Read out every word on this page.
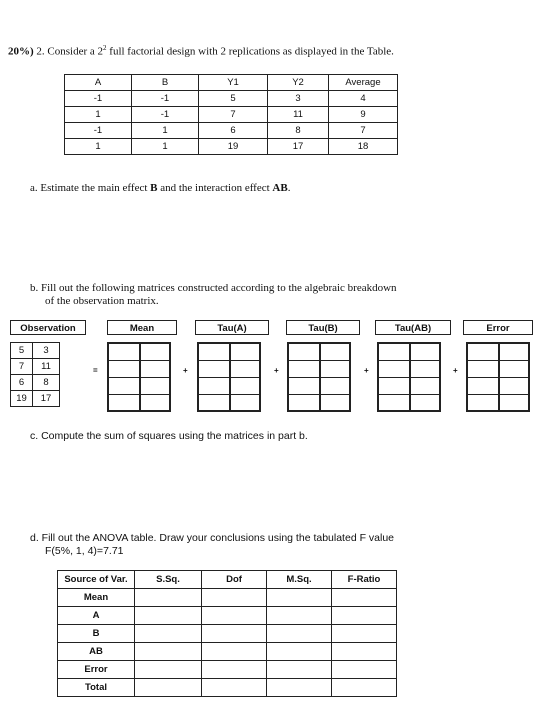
20%) 2. Consider a $2^2$ full factorial design with 2 replications as displayed in the Table.
A	B	Y1	Y2	Average
-1	-1	5	3	4
1	-1	7	11	9
-1	1	6	8	7
1	1	19	17	18
a. Estimate the main effect B and the interaction effect AB.
b. Fill out the following matrices constructed according to the algebraic breakdown
of the observation matrix.
Observation	Mean	Tau(A)	Tau(B)	Tau(AB)	Error
5	3
7	11
6	8
19	17
=	+	+	+	+
c. Compute the sum of squares using the matrices in part b.
d. Fill out the ANOVA table. Draw your conclusions using the tabulated F value
F(5%, 1, 4)=7.71
Source of Var.	S.Sq.	Dof	M.Sq.	F-Ratio
Mean				
A				
B				
AB				
Error				
Total				
